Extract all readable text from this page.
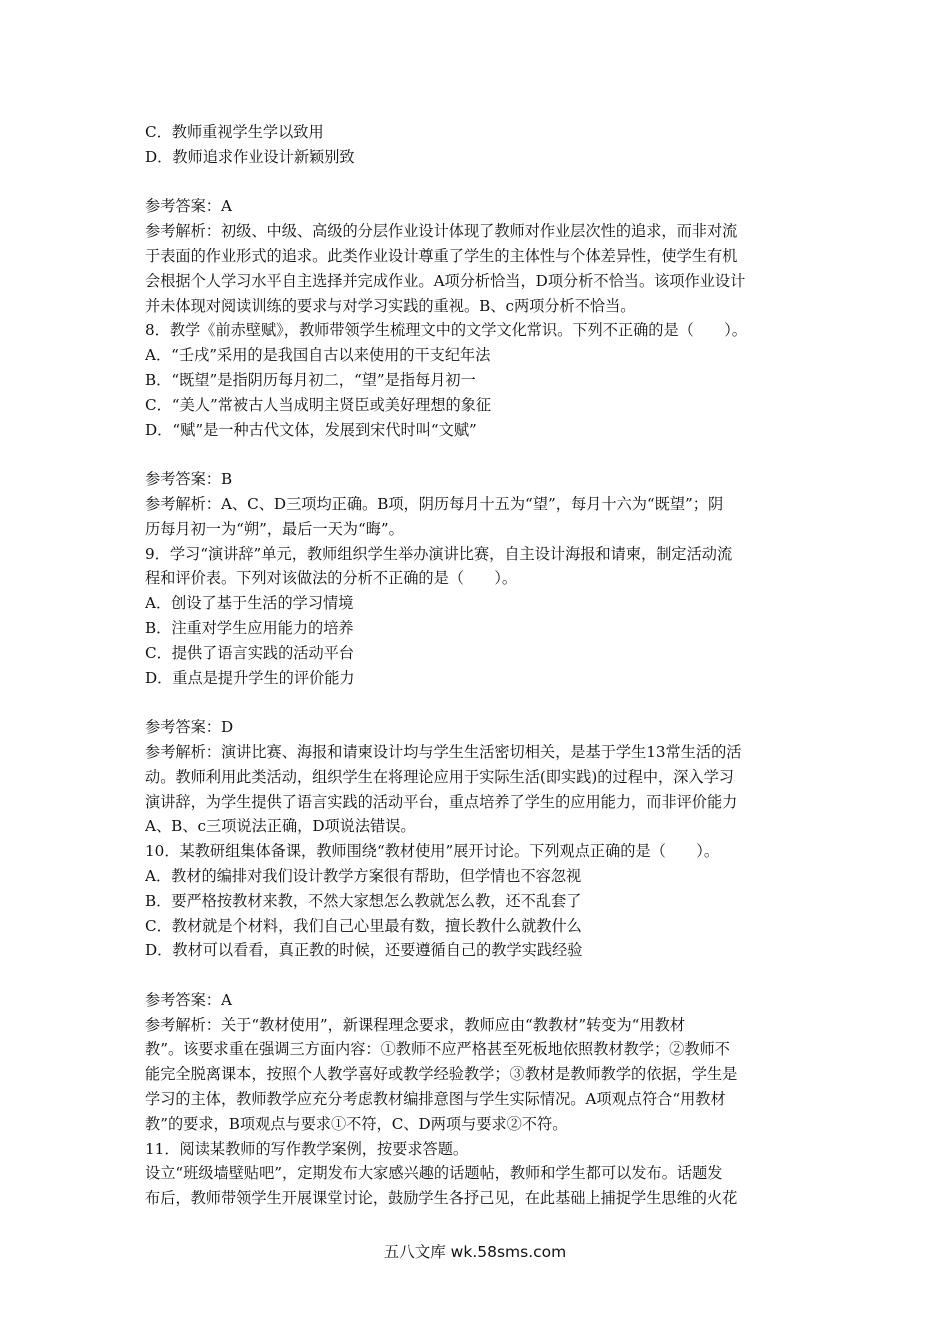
C．教师重视学生学以致用
D．教师追求作业设计新颖别致
参考答案：A
参考解析：初级、中级、高级的分层作业设计体现了教师对作业层次性的追求，而非对流
于表面的作业形式的追求。此类作业设计尊重了学生的主体性与个体差异性，使学生有机
会根据个人学习水平自主选择并完成作业。A项分析恰当，D项分析不恰当。该项作业设计
并未体现对阅读训练的要求与对学习实践的重视。B、c两项分析不恰当。
8．教学《前赤壁赋》，教师带领学生梳理文中的文学文化常识。下列不正确的是（　　）。
A．“壬戌”采用的是我国自古以来使用的干支纪年法
B．“既望”是指阴历每月初二，“望”是指每月初一
C．“美人”常被古人当成明主贤臣或美好理想的象征
D．“赋”是一种古代文体，发展到宋代时叫“文赋”
参考答案：B
参考解析：A、C、D三项均正确。B项，阴历每月十五为“望”，每月十六为“既望”；阴
历每月初一为“朔”，最后一天为“晦”。
9．学习“演讲辞”单元，教师组织学生举办演讲比赛，自主设计海报和请柬，制定活动流
程和评价表。下列对该做法的分析不正确的是（　　）。
A．创设了基于生活的学习情境
B．注重对学生应用能力的培养
C．提供了语言实践的活动平台
D．重点是提升学生的评价能力
参考答案：D
参考解析：演讲比赛、海报和请柬设计均与学生生活密切相关，是基于学生13常生活的活
动。教师利用此类活动，组织学生在将理论应用于实际生活(即实践)的过程中，深入学习
演讲辞，为学生提供了语言实践的活动平台，重点培养了学生的应用能力，而非评价能力
A、B、c三项说法正确，D项说法错误。
10．某教研组集体备课，教师围绕“教材使用”展开讨论。下列观点正确的是（　　）。
A．教材的编排对我们设计教学方案很有帮助，但学情也不容忽视
B．要严格按教材来教，不然大家想怎么教就怎么教，还不乱套了
C．教材就是个材料，我们自己心里最有数，擅长教什么就教什么
D．教材可以看看，真正教的时候，还要遵循自己的教学实践经验
参考答案：A
参考解析：关于“教材使用”，新课程理念要求，教师应由“教教材”转变为“用教材
教”。该要求重在强调三方面内容：①教师不应严格甚至死板地依照教材教学；②教师不
能完全脱离课本，按照个人教学喜好或教学经验教学；③教材是教师教学的依据，学生是
学习的主体，教师教学应充分考虑教材编排意图与学生实际情况。A项观点符合“用教材
教”的要求，B项观点与要求①不符，C、D两项与要求②不符。
11．阅读某教师的写作教学案例，按要求答题。
设立“班级墙壁贴吧”，定期发布大家感兴趣的话题帖，教师和学生都可以发布。话题发
布后，教师带领学生开展课堂讨论，鼓励学生各抒己见，在此基础上捕捉学生思维的火花
五八文库 wk.58sms.com
